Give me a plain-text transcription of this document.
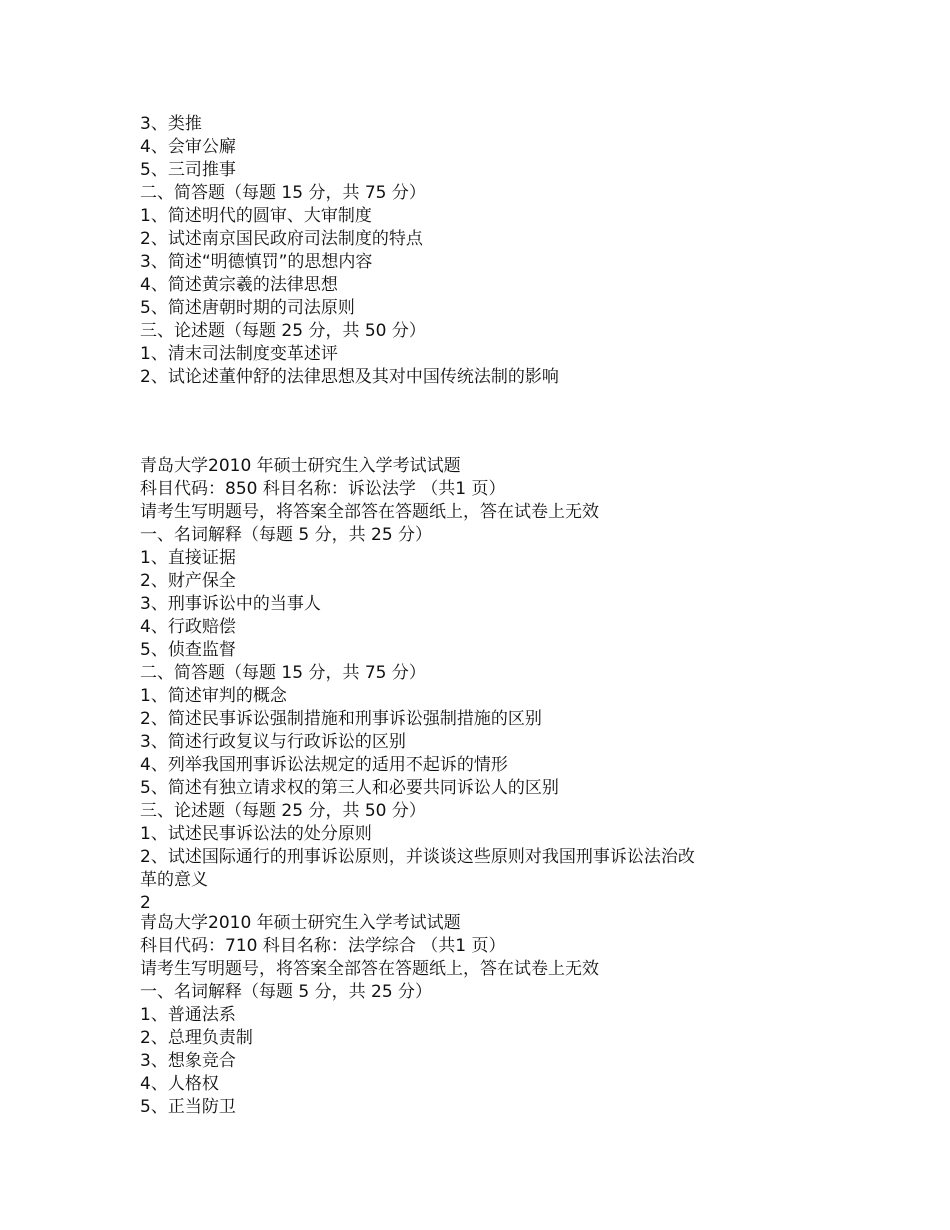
3、类推
4、会审公廨
5、三司推事
二、简答题（每题 15 分，共 75 分）
1、简述明代的圆审、大审制度
2、试述南京国民政府司法制度的特点
3、简述“明德慎罚”的思想内容
4、简述黄宗羲的法律思想
5、简述唐朝时期的司法原则
三、论述题（每题 25 分，共 50 分）
1、清末司法制度变革述评
2、试论述董仲舒的法律思想及其对中国传统法制的影响
青岛大学2010 年硕士研究生入学考试试题
科目代码：850 科目名称：诉讼法学 （共1 页）
请考生写明题号，将答案全部答在答题纸上，答在试卷上无效
一、名词解释（每题 5 分，共 25 分）
1、直接证据
2、财产保全
3、刑事诉讼中的当事人
4、行政赔偿
5、侦查监督
二、简答题（每题 15 分，共 75 分）
1、简述审判的概念
2、简述民事诉讼强制措施和刑事诉讼强制措施的区别
3、简述行政复议与行政诉讼的区别
4、列举我国刑事诉讼法规定的适用不起诉的情形
5、简述有独立请求权的第三人和必要共同诉讼人的区别
三、论述题（每题 25 分，共 50 分）
1、试述民事诉讼法的处分原则
2、试述国际通行的刑事诉讼原则，并谈谈这些原则对我国刑事诉讼法治改
革的意义
2
青岛大学2010 年硕士研究生入学考试试题
科目代码：710 科目名称：法学综合 （共1 页）
请考生写明题号，将答案全部答在答题纸上，答在试卷上无效
一、名词解释（每题 5 分，共 25 分）
1、普通法系
2、总理负责制
3、想象竞合
4、人格权
5、正当防卫
